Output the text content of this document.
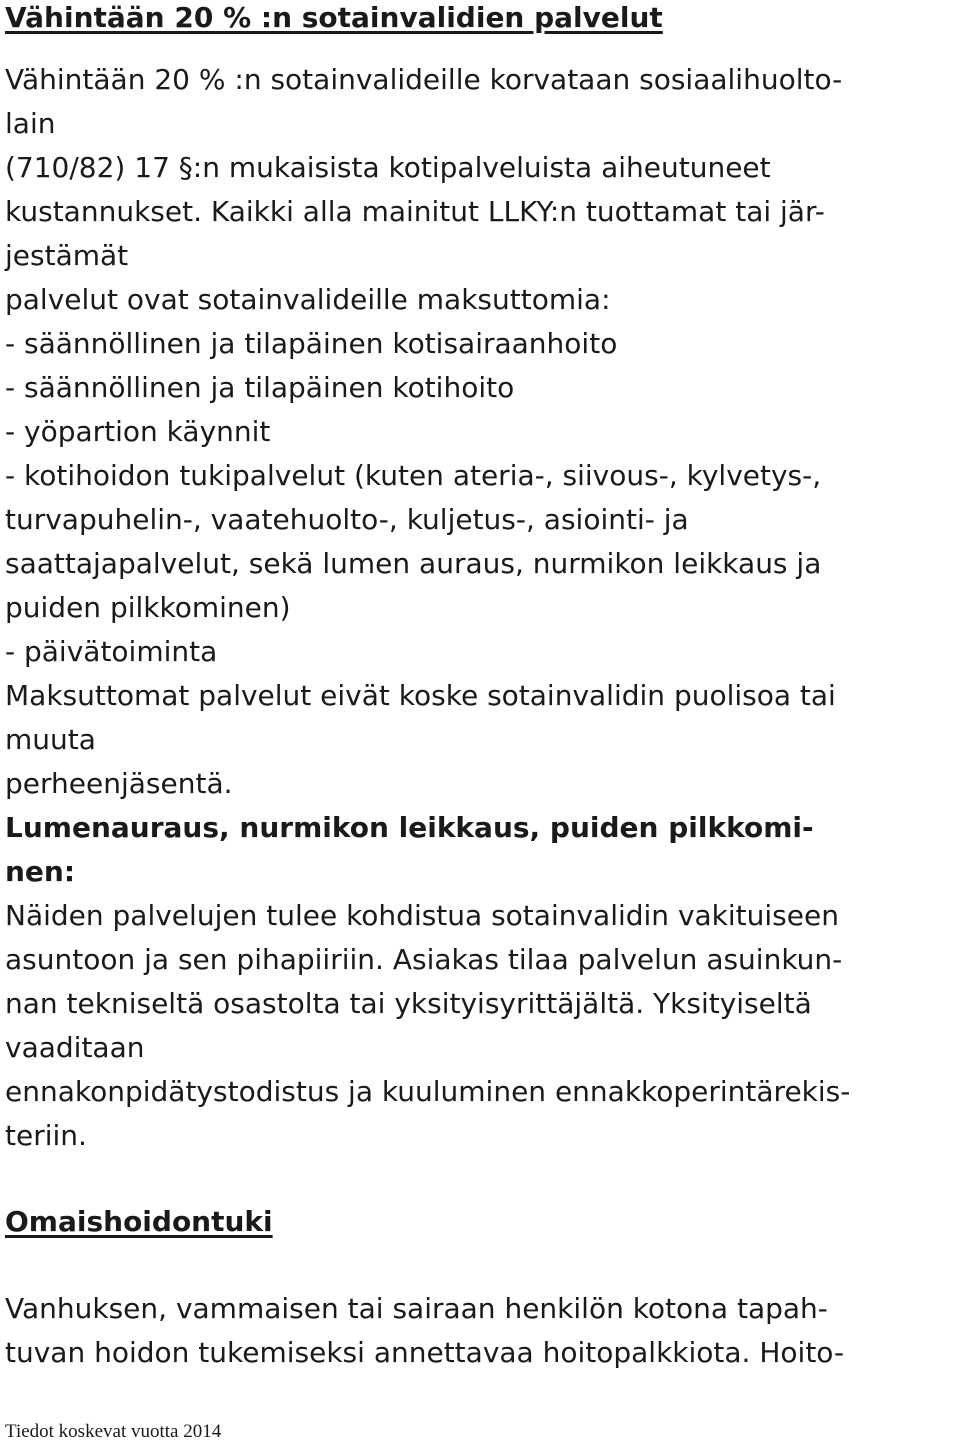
Vähintään 20 % :n sotainvalidien palvelut
Vähintään 20 % :n sotainvalideille korvataan sosiaalihuolto-
lain
(710/82) 17 §:n mukaisista kotipalveluista aiheutuneet
kustannukset. Kaikki alla mainitut LLKY:n tuottamat tai jär-
jestämät
palvelut ovat sotainvalideille maksuttomia:
- säännöllinen ja tilapäinen kotisairaanhoito
- säännöllinen ja tilapäinen kotihoito
- yöpartion käynnit
- kotihoidon tukipalvelut (kuten ateria-, siivous-, kylvetys-,
turvapuhelin-, vaatehuolto-, kuljetus-, asiointi- ja
saattajapalvelut, sekä lumen auraus, nurmikon leikkaus ja
puiden pilkkominen)
- päivätoiminta
Maksuttomat palvelut eivät koske sotainvalidin puolisoa tai
muuta
perheenjäsentä.
Lumenauraus, nurmikon leikkaus, puiden pilkkomi-
nen:
Näiden palvelujen tulee kohdistua sotainvalidin vakituiseen
asuntoon ja sen pihapiiriin. Asiakas tilaa palvelun asuinkun-
nan tekniseltä osastolta tai yksityisyrittäjältä. Yksityiseltä
vaaditaan
ennakonpidätystodistus ja kuuluminen ennakkoperintärekis-
teriin.
Omaishoidontuki
Vanhuksen, vammaisen tai sairaan henkilön kotona tapah-
tuvan hoidon tukemiseksi annettavaa hoitopalkkiota. Hoito-
Tiedot koskevat vuotta 2014
